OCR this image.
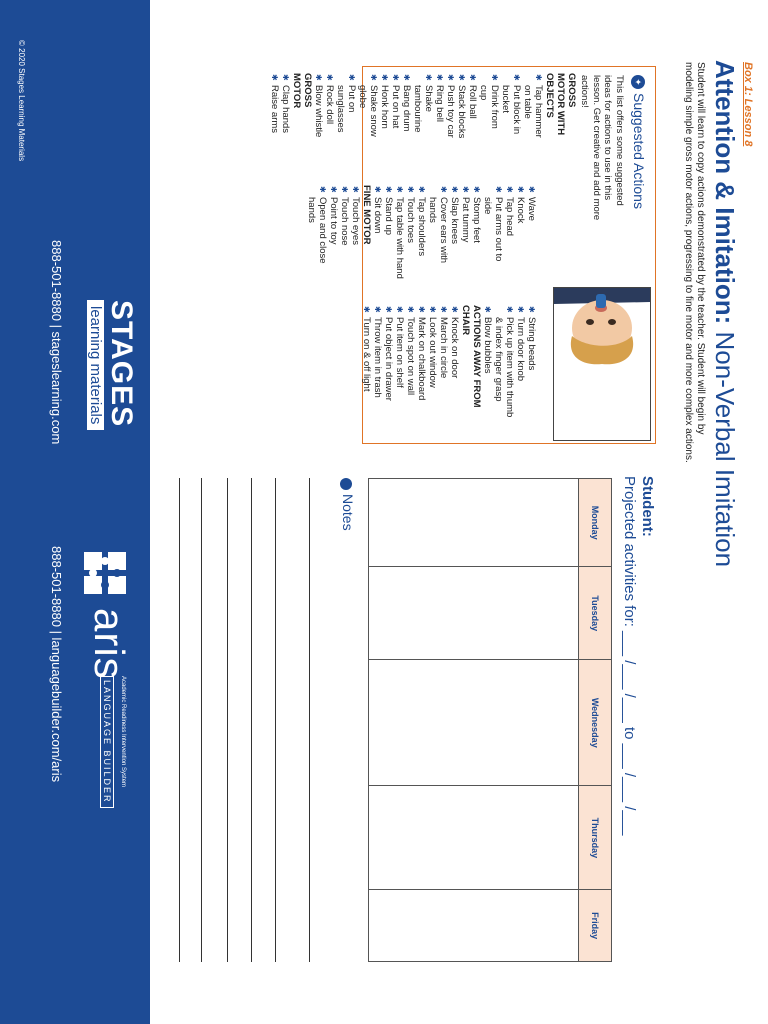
Box 1: Lesson 8
Attention & Imitation: Non-Verbal Imitation
Student will learn to copy actions demonstrated by the teacher. Student will begin by modeling simple gross motor actions, progressing to fine motor and more complex actions.
✦
Suggested Actions
This list offers some suggested ideas for actions to use in this lesson. Get creative and add more actions!
GROSS MOTOR WITH OBJECTS
✱ Tap hammer on table
✱ Put block in bucket
✱ Drink from cup
✱ Roll ball
✱ Stack blocks
✱ Push toy car
✱ Ring bell
✱ Shake tambourine
✱ Bang drum
✱ Put on hat
✱ Honk horn
✱ Shake snow globe
✱ Put on sunglasses
✱ Rock doll
✱ Blow whistle
GROSS MOTOR
✱ Clap hands
✱ Raise arms
✱ Wave
✱ Knock
✱ Tap head
✱ Put arms out to side
✱ Stomp feet
✱ Pat tummy
✱ Slap knees
✱ Cover ears with hands
✱ Tap shoulders
✱ Touch toes
✱ Tap table with hand
✱ Stand up
✱ Sit down
FINE MOTOR
✱ Touch eyes
✱ Touch nose
✱ Point to toy
✱ Open and close hands
✱ String beads
✱ Turn door knob
✱ Pick up item with thumb & index finger grasp
✱ Blow bubbles
ACTIONS AWAY FROM CHAIR
✱ Knock on door
✱ March in circle
✱ Look out window
✱ Mark on chalkboard
✱ Touch spot on wall
✱ Put item on shelf
✱ Put object in drawer
✱ Throw item in trash
✱ Turn on & off light
Student:
Projected activities for: ___ /___ /___ to ___ /___ /___
Monday	Tuesday	Wednesday	Thursday	Friday

Notes
© 2020 Stages Learning Materials
STAGES
learning materials
888-501-8880 | stageslearning.com
aris
Academic Readiness Intervention System
LANGUAGE BUILDER
888-501-8880 | languagebuilder.com/aris
